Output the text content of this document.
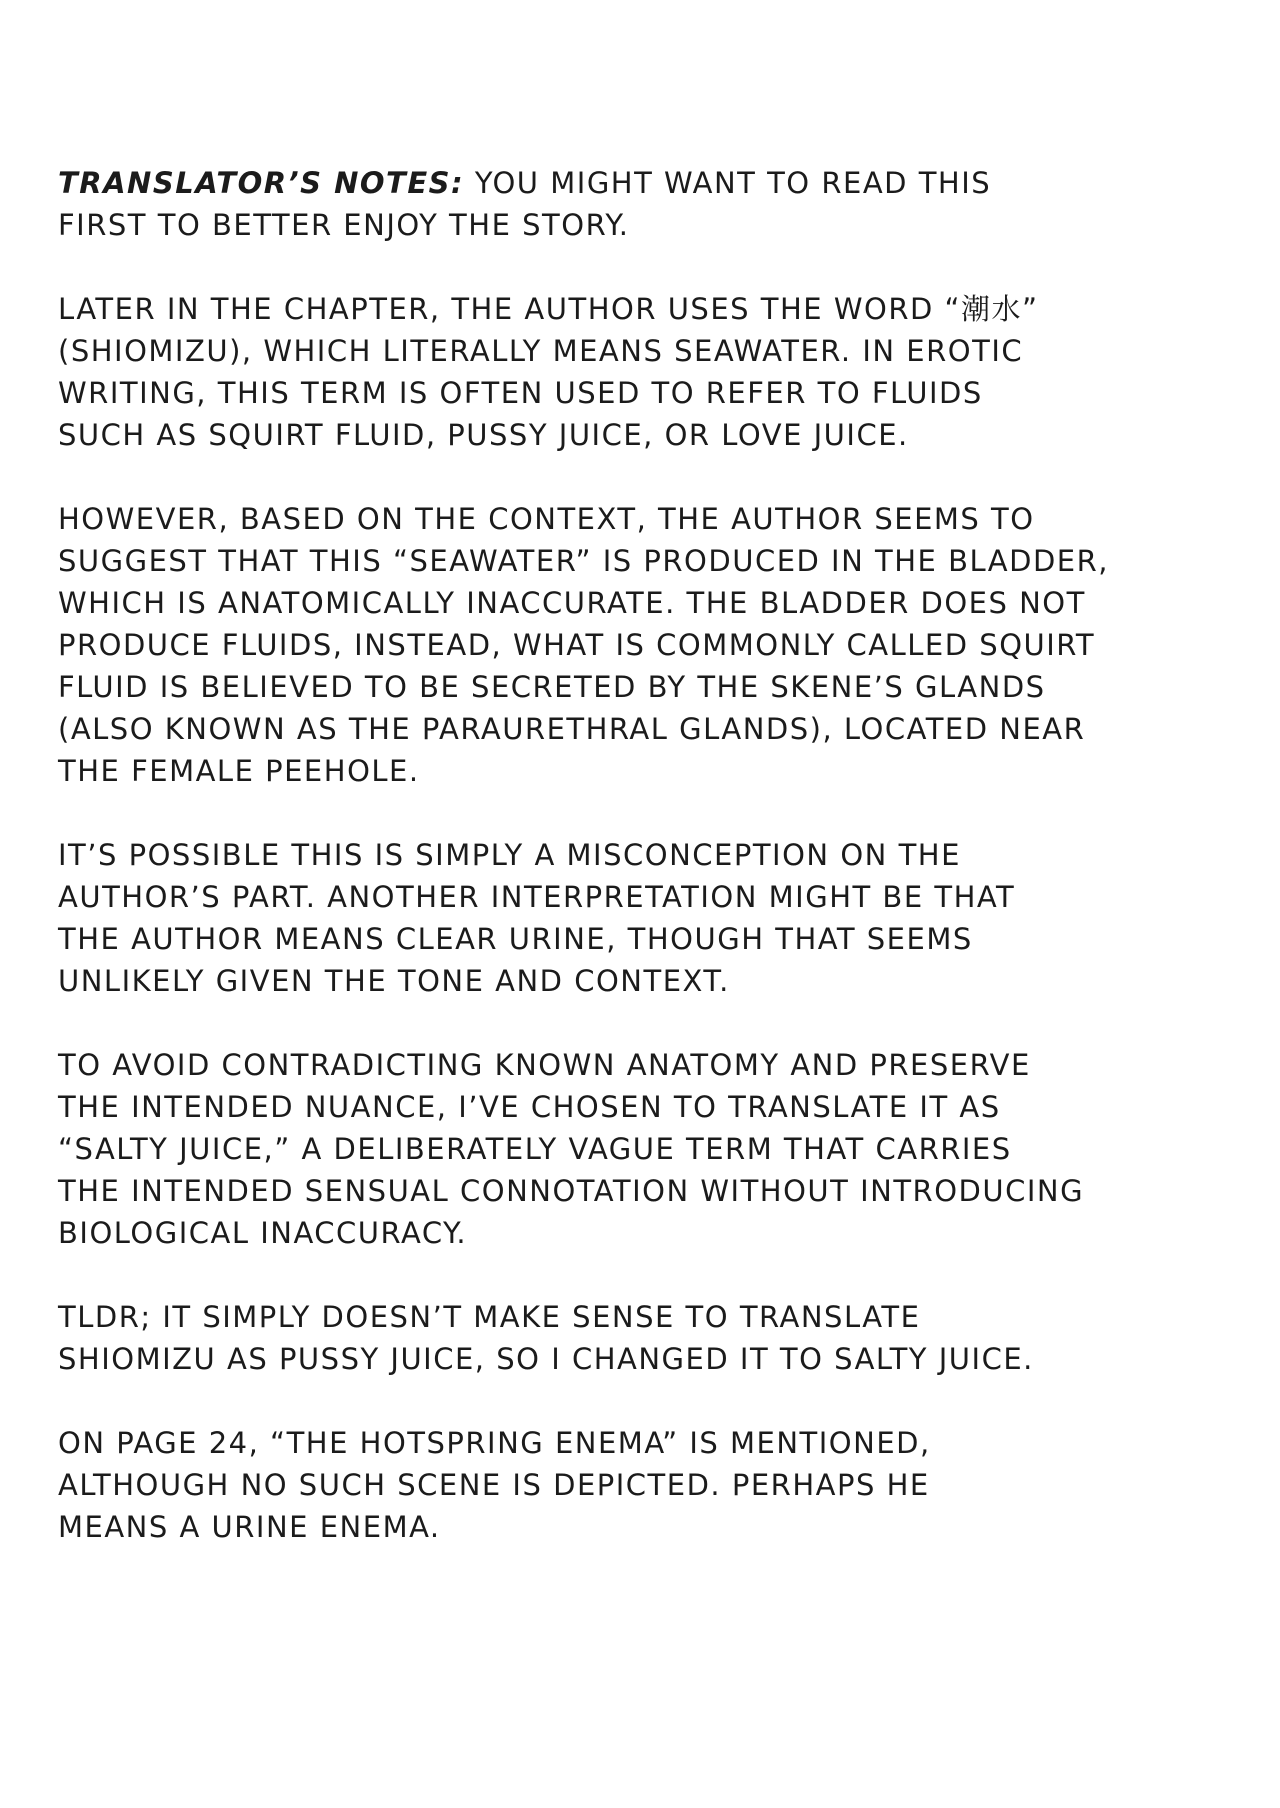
TRANSLATOR’S NOTES: YOU MIGHT WANT TO READ THIS
FIRST TO BETTER ENJOY THE STORY.

LATER IN THE CHAPTER, THE AUTHOR USES THE WORD “潮水”
(SHIOMIZU), WHICH LITERALLY MEANS SEAWATER. IN EROTIC
WRITING, THIS TERM IS OFTEN USED TO REFER TO FLUIDS
SUCH AS SQUIRT FLUID, PUSSY JUICE, OR LOVE JUICE.

HOWEVER, BASED ON THE CONTEXT, THE AUTHOR SEEMS TO
SUGGEST THAT THIS “SEAWATER” IS PRODUCED IN THE BLADDER,
WHICH IS ANATOMICALLY INACCURATE. THE BLADDER DOES NOT
PRODUCE FLUIDS, INSTEAD, WHAT IS COMMONLY CALLED SQUIRT
FLUID IS BELIEVED TO BE SECRETED BY THE SKENE’S GLANDS
(ALSO KNOWN AS THE PARAURETHRAL GLANDS), LOCATED NEAR
THE FEMALE PEEHOLE.

IT’S POSSIBLE THIS IS SIMPLY A MISCONCEPTION ON THE
AUTHOR’S PART. ANOTHER INTERPRETATION MIGHT BE THAT
THE AUTHOR MEANS CLEAR URINE, THOUGH THAT SEEMS
UNLIKELY GIVEN THE TONE AND CONTEXT.

TO AVOID CONTRADICTING KNOWN ANATOMY AND PRESERVE
THE INTENDED NUANCE, I’VE CHOSEN TO TRANSLATE IT AS
“SALTY JUICE,” A DELIBERATELY VAGUE TERM THAT CARRIES
THE INTENDED SENSUAL CONNOTATION WITHOUT INTRODUCING
BIOLOGICAL INACCURACY.

TLDR; IT SIMPLY DOESN’T MAKE SENSE TO TRANSLATE
SHIOMIZU AS PUSSY JUICE, SO I CHANGED IT TO SALTY JUICE.

ON PAGE 24, “THE HOTSPRING ENEMA” IS MENTIONED,
ALTHOUGH NO SUCH SCENE IS DEPICTED. PERHAPS HE
MEANS A URINE ENEMA.
